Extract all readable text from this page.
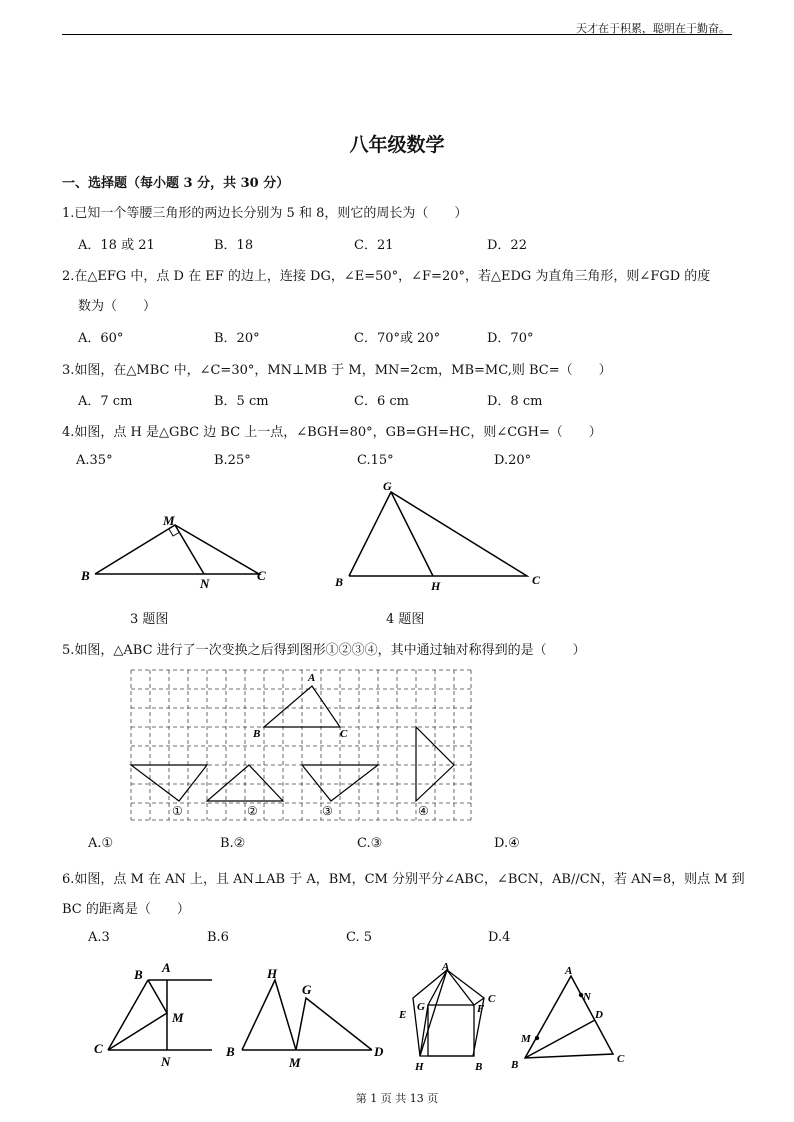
天才在于积累，聪明在于勤奋。
八年级数学
一、选择题（每小题 3 分，共 30 分）
1.已知一个等腰三角形的两边长分别为 5 和 8，则它的周长为（　　）
A．18 或 21	B．18	C．21	D．22
2.在△EFG 中，点 D 在 EF 的边上，连接 DG，∠E=50°，∠F=20°，若△EDG 为直角三角形，则∠FGD 的度
数为（　　）
A．60°	B．20°	C．70°或 20°	D．70°
3.如图，在△MBC 中，∠C=30°，MN⊥MB 于 M，MN=2cm，MB=MC,则 BC=（　　）
A．7 cm	B．5 cm	C．6 cm	D．8 cm
4.如图，点 H 是△GBC 边 BC 上一点，∠BGH=80°，GB=GH=HC，则∠CGH=（　　）
A.35°	B.25°	C.15°	D.20°
M
B
N
C
3 题图
G
B	H	C
4 题图
5.如图，△ABC 进行了一次变换之后得到图形①②③④，其中通过轴对称得到的是（　　）
A
B	C
①	②	③	④
A.①	B.②	C.③	D.④
6.如图，点 M 在 AN 上，且 AN⊥AB 于 A，BM，CM 分别平分∠ABC，∠BCN，AB//CN，若 AN=8，则点 M 到
BC 的距离是（　　）
A.3	B.6	C. 5	D.4
B A
M
C
N
H
G
B
M
D
A
E
G	F
C
H	B
A
N
D
M
B	C
第 1 页 共 13 页
